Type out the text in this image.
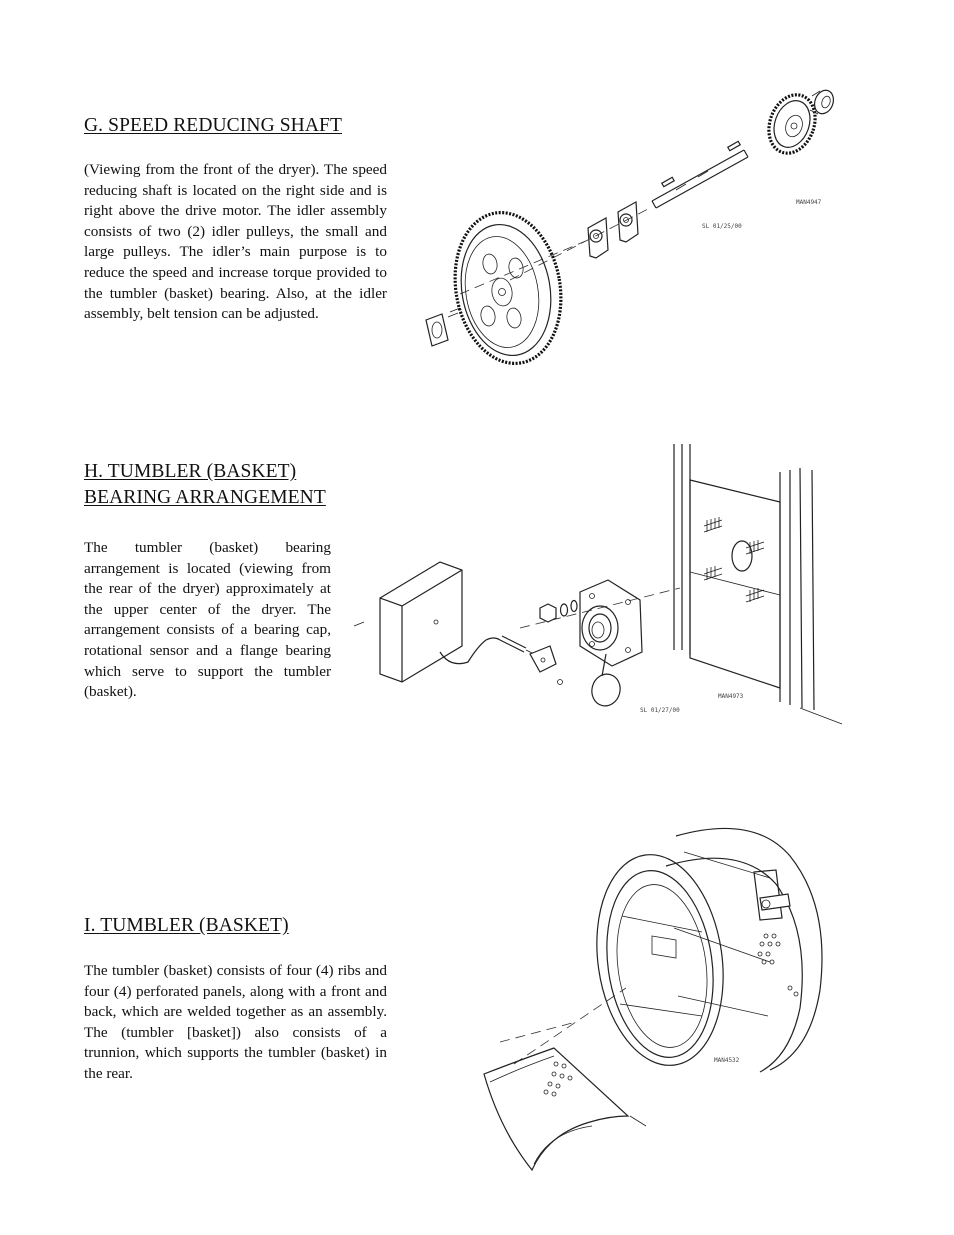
G. SPEED REDUCING SHAFT

(Viewing from the front of the dryer). The speed reducing shaft is located on the right side and is right above the drive motor. The idler assembly consists of two (2) idler pulleys, the small and large pulleys. The idler’s main purpose is to reduce the speed and increase torque provided to the tumbler (basket) bearing. Also, at the idler assembly, belt tension can be adjusted.

MAN4947
SL 01/25/00
H. TUMBLER (BASKET)
BEARING ARRANGEMENT

The tumbler (basket) bearing arrangement is located (viewing from the rear of the dryer) approximately at the upper center of the dryer. The arrangement consists of a bearing cap, rotational sensor and a flange bearing which serve to support the tumbler (basket).	MAN4973
SL 01/27/00
I. TUMBLER (BASKET)

The tumbler (basket) consists of four (4) ribs and four (4) perforated panels, along with a front and back, which are welded together as an assembly. The (tumbler [basket]) also consists of a trunnion, which supports the tumbler (basket) in the rear.

MAN4532
